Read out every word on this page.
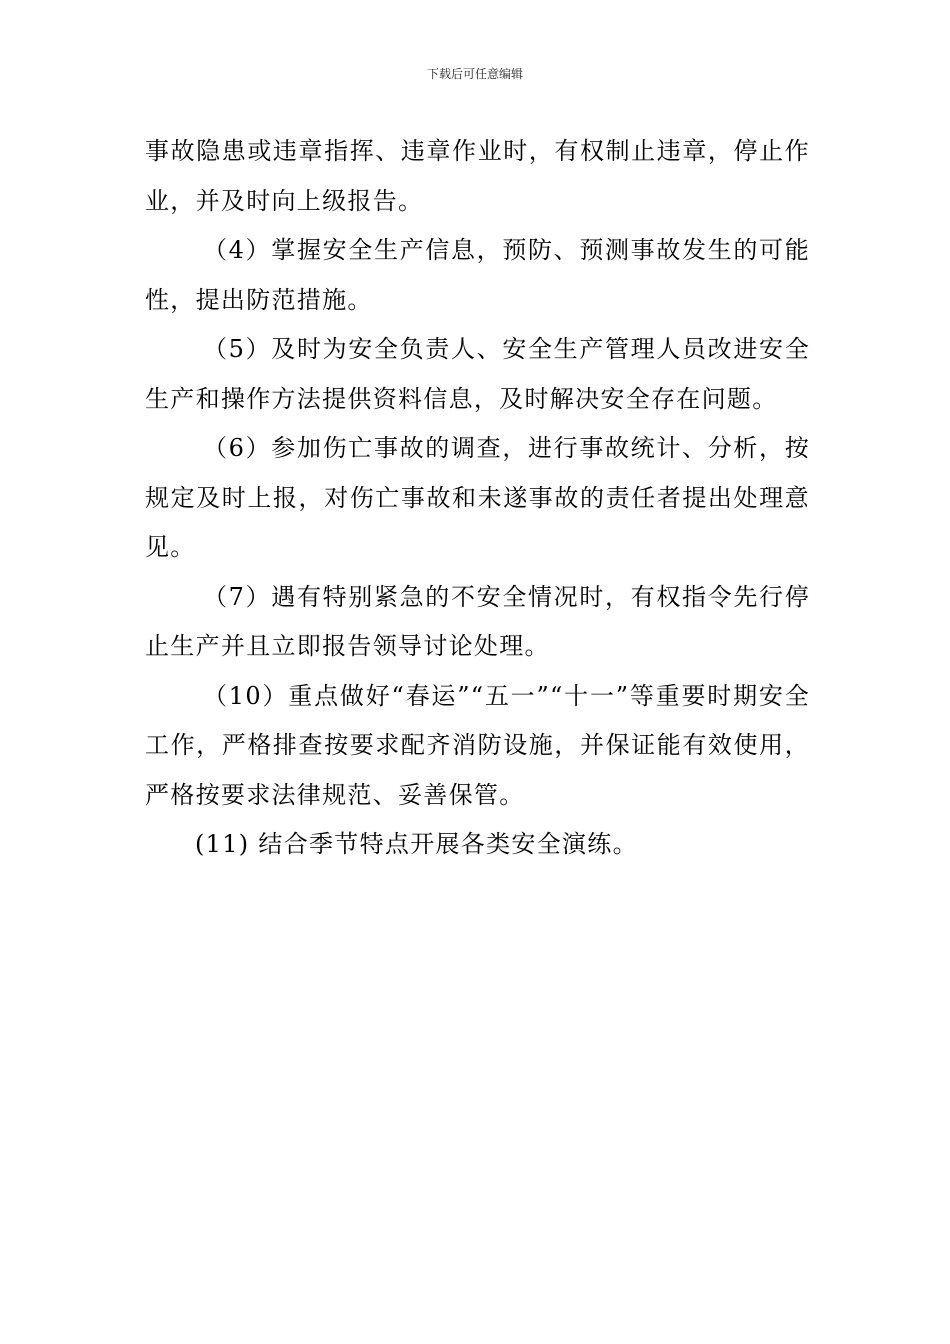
下载后可任意编辑

事故隐患或违章指挥、违章作业时，有权制止违章，停止作业，并及时向上级报告。

（4）掌握安全生产信息，预防、预测事故发生的可能性，提出防范措施。

（5）及时为安全负责人、安全生产管理人员改进安全生产和操作方法提供资料信息，及时解决安全存在问题。

（6）参加伤亡事故的调查，进行事故统计、分析，按规定及时上报，对伤亡事故和未遂事故的责任者提出处理意见。

（7）遇有特别紧急的不安全情况时，有权指令先行停止生产并且立即报告领导讨论处理。

（10）重点做好“春运”“五一”“十一”等重要时期安全工作，严格排查按要求配齐消防设施，并保证能有效使用，严格按要求法律规范、妥善保管。

(11) 结合季节特点开展各类安全演练。
